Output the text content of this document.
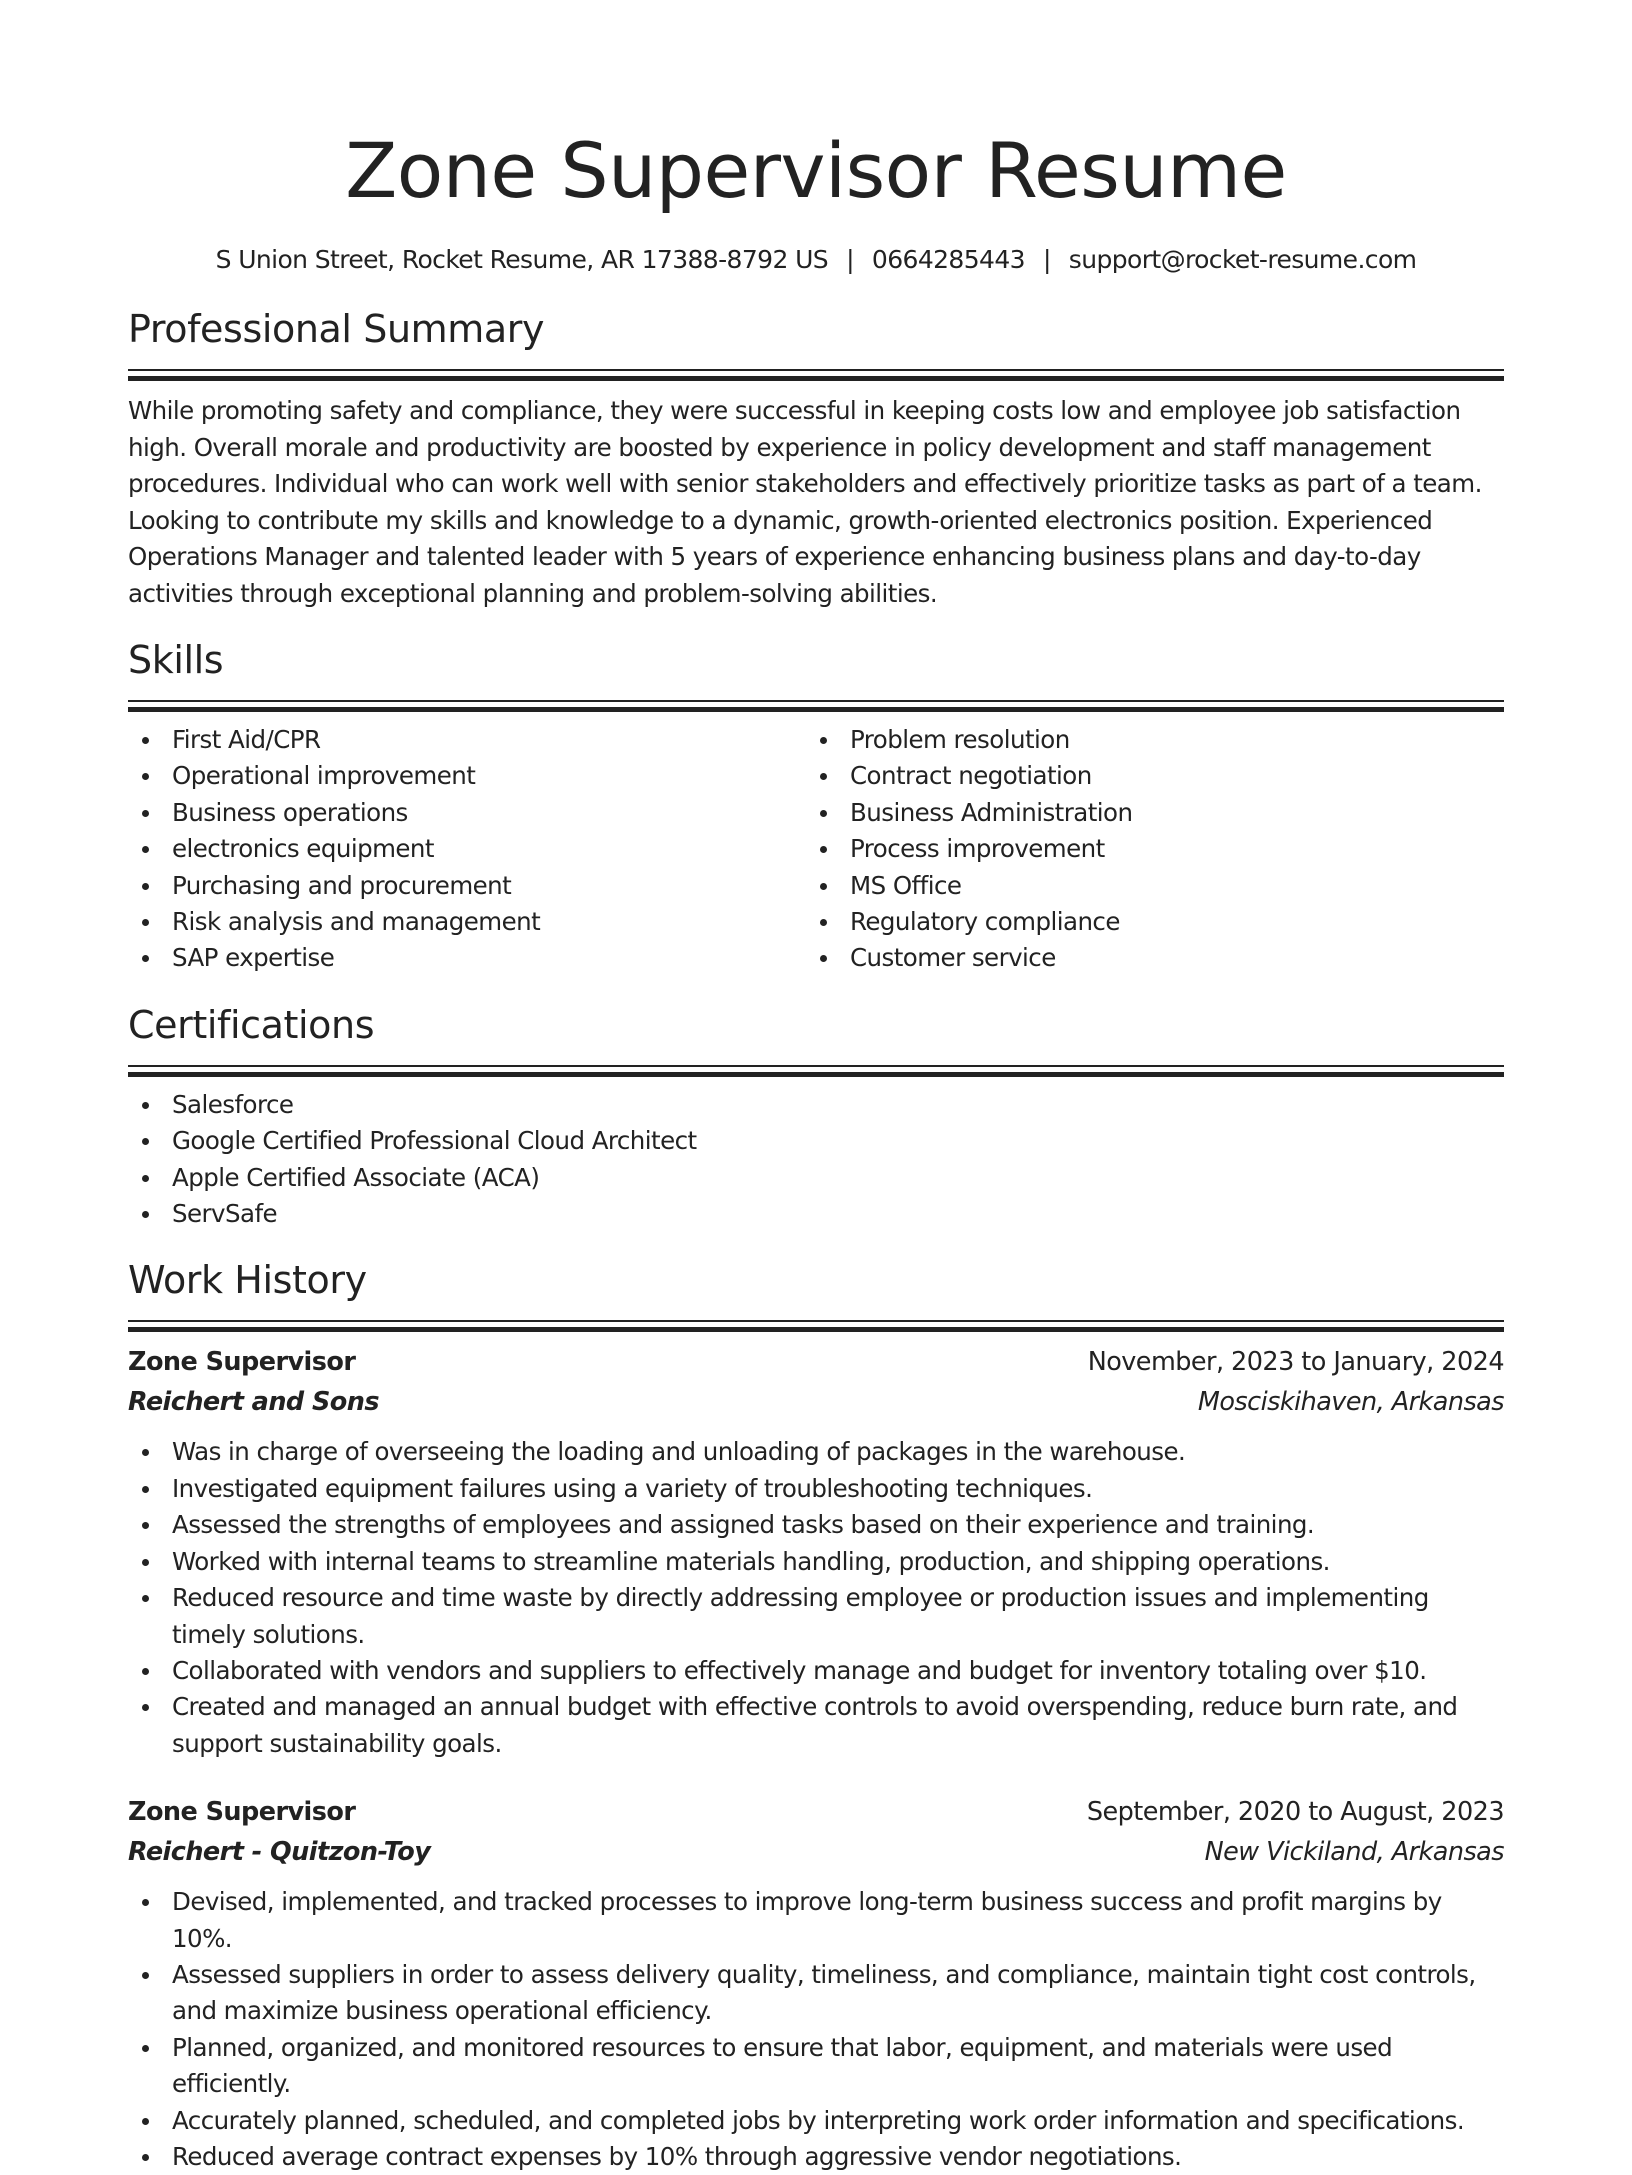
Zone Supervisor Resume
S Union Street, Rocket Resume, AR 17388-8792 US | 0664285443 | support@rocket-resume.com
Professional Summary

While promoting safety and compliance, they were successful in keeping costs low and employee job satisfaction high. Overall morale and productivity are boosted by experience in policy development and staff management procedures. Individual who can work well with senior stakeholders and effectively prioritize tasks as part of a team. Looking to contribute my skills and knowledge to a dynamic, growth-oriented electronics position. Experienced Operations Manager and talented leader with 5 years of experience enhancing business plans and day-to-day activities through exceptional planning and problem-solving abilities.

Skills
First Aid/CPR
Operational improvement
Business operations
electronics equipment
Purchasing and procurement
Risk analysis and management
SAP expertise
Problem resolution
Contract negotiation
Business Administration
Process improvement
MS Office
Regulatory compliance
Customer service
Certifications
Salesforce
Google Certified Professional Cloud Architect
Apple Certified Associate (ACA)
ServSafe
Work History
Zone Supervisor	November, 2023 to January, 2024
Reichert and Sons	Mosciskihaven, Arkansas
Was in charge of overseeing the loading and unloading of packages in the warehouse.
Investigated equipment failures using a variety of troubleshooting techniques.
Assessed the strengths of employees and assigned tasks based on their experience and training.
Worked with internal teams to streamline materials handling, production, and shipping operations.
Reduced resource and time waste by directly addressing employee or production issues and implementing timely solutions.
Collaborated with vendors and suppliers to effectively manage and budget for inventory totaling over $10.
Created and managed an annual budget with effective controls to avoid overspending, reduce burn rate, and support sustainability goals.
Zone Supervisor	September, 2020 to August, 2023
Reichert - Quitzon-Toy	New Vickiland, Arkansas
Devised, implemented, and tracked processes to improve long-term business success and profit margins by 10%.
Assessed suppliers in order to assess delivery quality, timeliness, and compliance, maintain tight cost controls, and maximize business operational efficiency.
Planned, organized, and monitored resources to ensure that labor, equipment, and materials were used efficiently.
Accurately planned, scheduled, and completed jobs by interpreting work order information and specifications.
Reduced average contract expenses by 10% through aggressive vendor negotiations.
